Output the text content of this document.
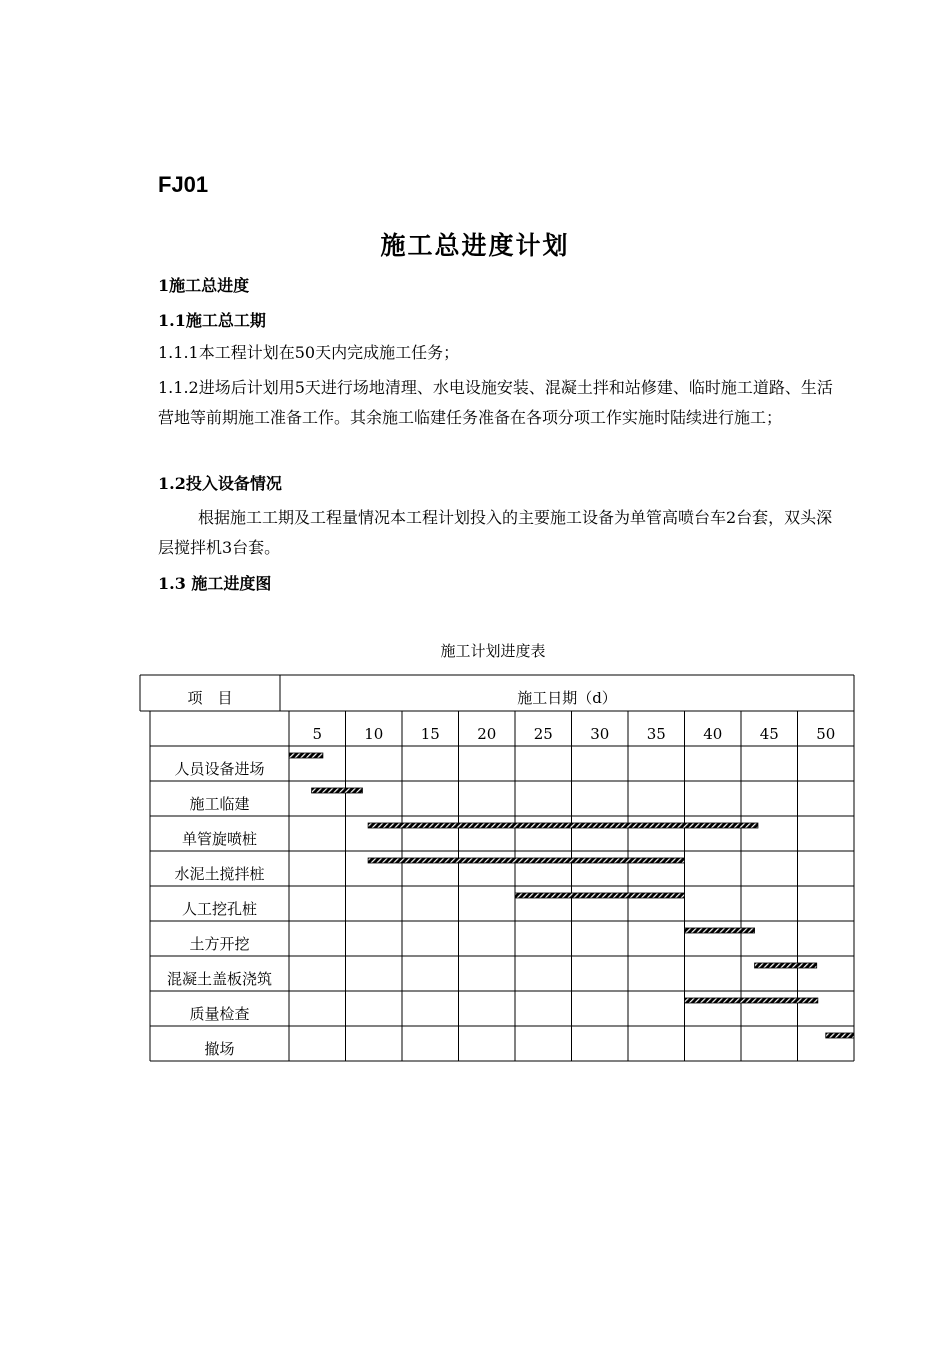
FJ01
施工总进度计划
1施工总进度
1.1施工总工期
1.1.1本工程计划在50天内完成施工任务；
1.1.2进场后计划用5天进行场地清理、水电设施安装、混凝土拌和站修建、临时施工道路、生活营地等前期施工准备工作。其余施工临建任务准备在各项分项工作实施时陆续进行施工；
1.2投入设备情况
根据施工工期及工程量情况本工程计划投入的主要施工设备为单管高喷台车2台套，双头深层搅拌机3台套。
1.3 施工进度图
施工计划进度表
项　目	施工日期（d）
5	10 15 20 25 30 35 40 45 50
人员设备进场
施工临建
单管旋喷桩
水泥土搅拌桩
人工挖孔桩
土方开挖
混凝土盖板浇筑
质量检查
撤场
